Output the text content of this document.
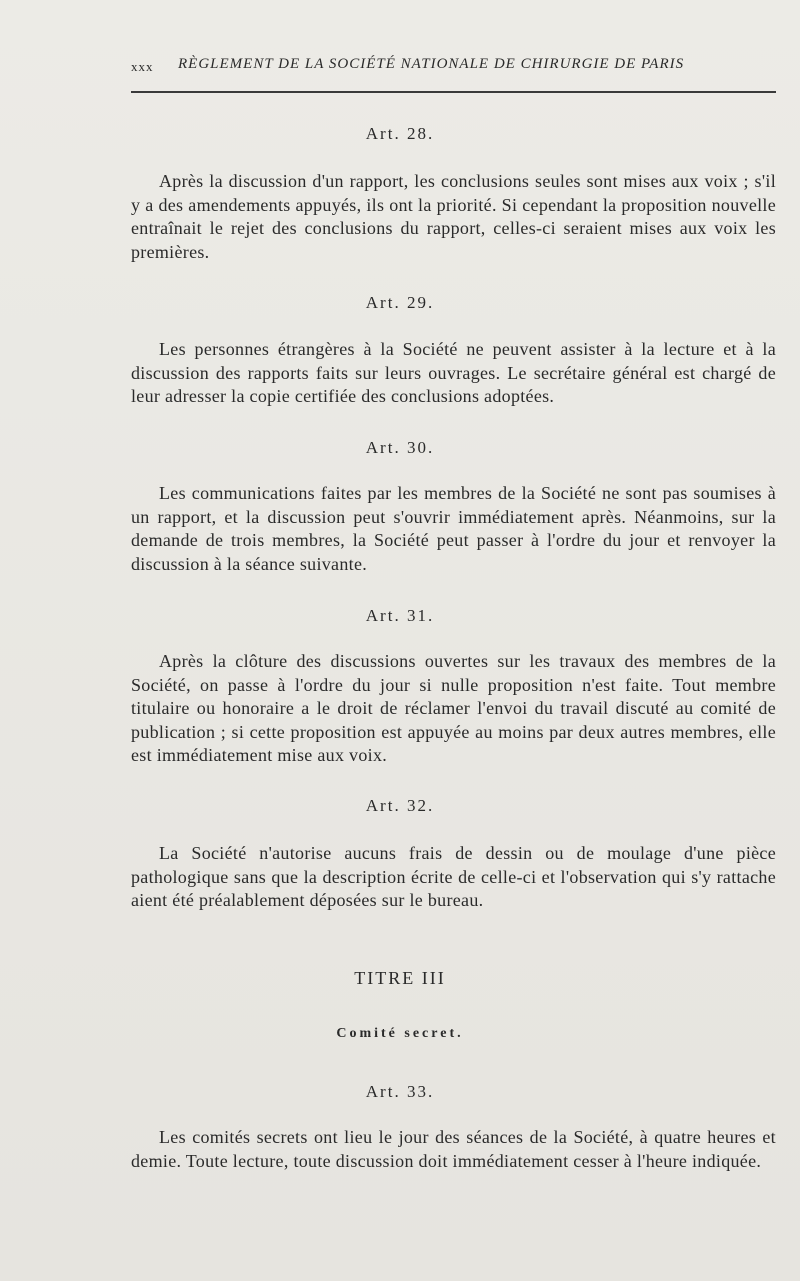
xxx RÈGLEMENT DE LA SOCIÉTÉ NATIONALE DE CHIRURGIE DE PARIS
Art. 28.
Après la discussion d'un rapport, les conclusions seules sont mises aux voix ; s'il y a des amendements appuyés, ils ont la priorité. Si cependant la proposition nouvelle entraînait le rejet des conclusions du rapport, celles-ci seraient mises aux voix les premières.
Art. 29.
Les personnes étrangères à la Société ne peuvent assister à la lecture et à la discussion des rapports faits sur leurs ouvrages. Le secrétaire général est chargé de leur adresser la copie certifiée des conclusions adoptées.
Art. 30.
Les communications faites par les membres de la Société ne sont pas soumises à un rapport, et la discussion peut s'ouvrir immédiatement après. Néanmoins, sur la demande de trois membres, la Société peut passer à l'ordre du jour et renvoyer la discussion à la séance suivante.
Art. 31.
Après la clôture des discussions ouvertes sur les travaux des membres de la Société, on passe à l'ordre du jour si nulle proposition n'est faite. Tout membre titulaire ou honoraire a le droit de réclamer l'envoi du travail discuté au comité de publication ; si cette proposition est appuyée au moins par deux autres membres, elle est immédiatement mise aux voix.
Art. 32.
La Société n'autorise aucuns frais de dessin ou de moulage d'une pièce pathologique sans que la description écrite de celle-ci et l'observation qui s'y rattache aient été préalablement déposées sur le bureau.
TITRE III
Comité secret.
Art. 33.
Les comités secrets ont lieu le jour des séances de la Société, à quatre heures et demie. Toute lecture, toute discussion doit immédiatement cesser à l'heure indiquée.
